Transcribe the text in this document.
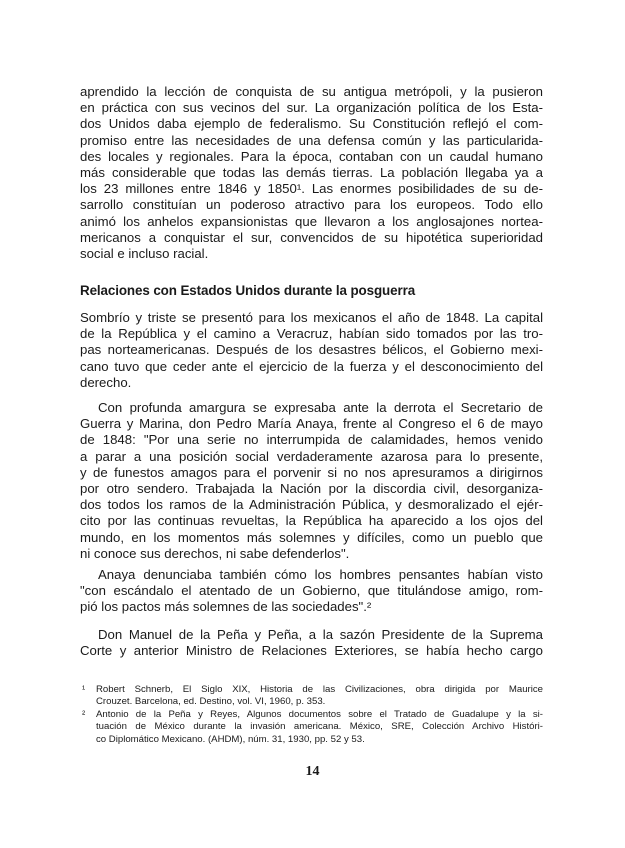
aprendido la lección de conquista de su antigua metrópoli, y la pusieron
en práctica con sus vecinos del sur. La organización política de los Esta-
dos Unidos daba ejemplo de federalismo. Su Constitución reflejó el com-
promiso entre las necesidades de una defensa común y las particularida-
des locales y regionales. Para la época, contaban con un caudal humano
más considerable que todas las demás tierras. La población llegaba ya a
los 23 millones entre 1846 y 1850¹. Las enormes posibilidades de su de-
sarrollo constituían un poderoso atractivo para los europeos. Todo ello
animó los anhelos expansionistas que llevaron a los anglosajones nortea-
mericanos a conquistar el sur, convencidos de su hipotética superioridad
social e incluso racial.
Relaciones con Estados Unidos durante la posguerra
Sombrío y triste se presentó para los mexicanos el año de 1848. La capital
de la República y el camino a Veracruz, habían sido tomados por las tro-
pas norteamericanas. Después de los desastres bélicos, el Gobierno mexi-
cano tuvo que ceder ante el ejercicio de la fuerza y el desconocimiento del
derecho.
Con profunda amargura se expresaba ante la derrota el Secretario de
Guerra y Marina, don Pedro María Anaya, frente al Congreso el 6 de mayo
de 1848: "Por una serie no interrumpida de calamidades, hemos venido
a parar a una posición social verdaderamente azarosa para lo presente,
y de funestos amagos para el porvenir si no nos apresuramos a dirigirnos
por otro sendero. Trabajada la Nación por la discordia civil, desorganiza-
dos todos los ramos de la Administración Pública, y desmoralizado el ejér-
cito por las continuas revueltas, la República ha aparecido a los ojos del
mundo, en los momentos más solemnes y difíciles, como un pueblo que
ni conoce sus derechos, ni sabe defenderlos".
Anaya denunciaba también cómo los hombres pensantes habían visto
"con escándalo el atentado de un Gobierno, que titulándose amigo, rom-
pió los pactos más solemnes de las sociedades".²
Don Manuel de la Peña y Peña, a la sazón Presidente de la Suprema
Corte y anterior Ministro de Relaciones Exteriores, se había hecho cargo
¹ Robert Schnerb, El Siglo XIX, Historia de las Civilizaciones, obra dirigida por Maurice
Crouzet. Barcelona, ed. Destino, vol. VI, 1960, p. 353.
² Antonio de la Peña y Reyes, Algunos documentos sobre el Tratado de Guadalupe y la si-
tuación de México durante la invasión americana. México, SRE, Colección Archivo Históri-
co Diplomático Mexicano. (AHDM), núm. 31, 1930, pp. 52 y 53.
14
